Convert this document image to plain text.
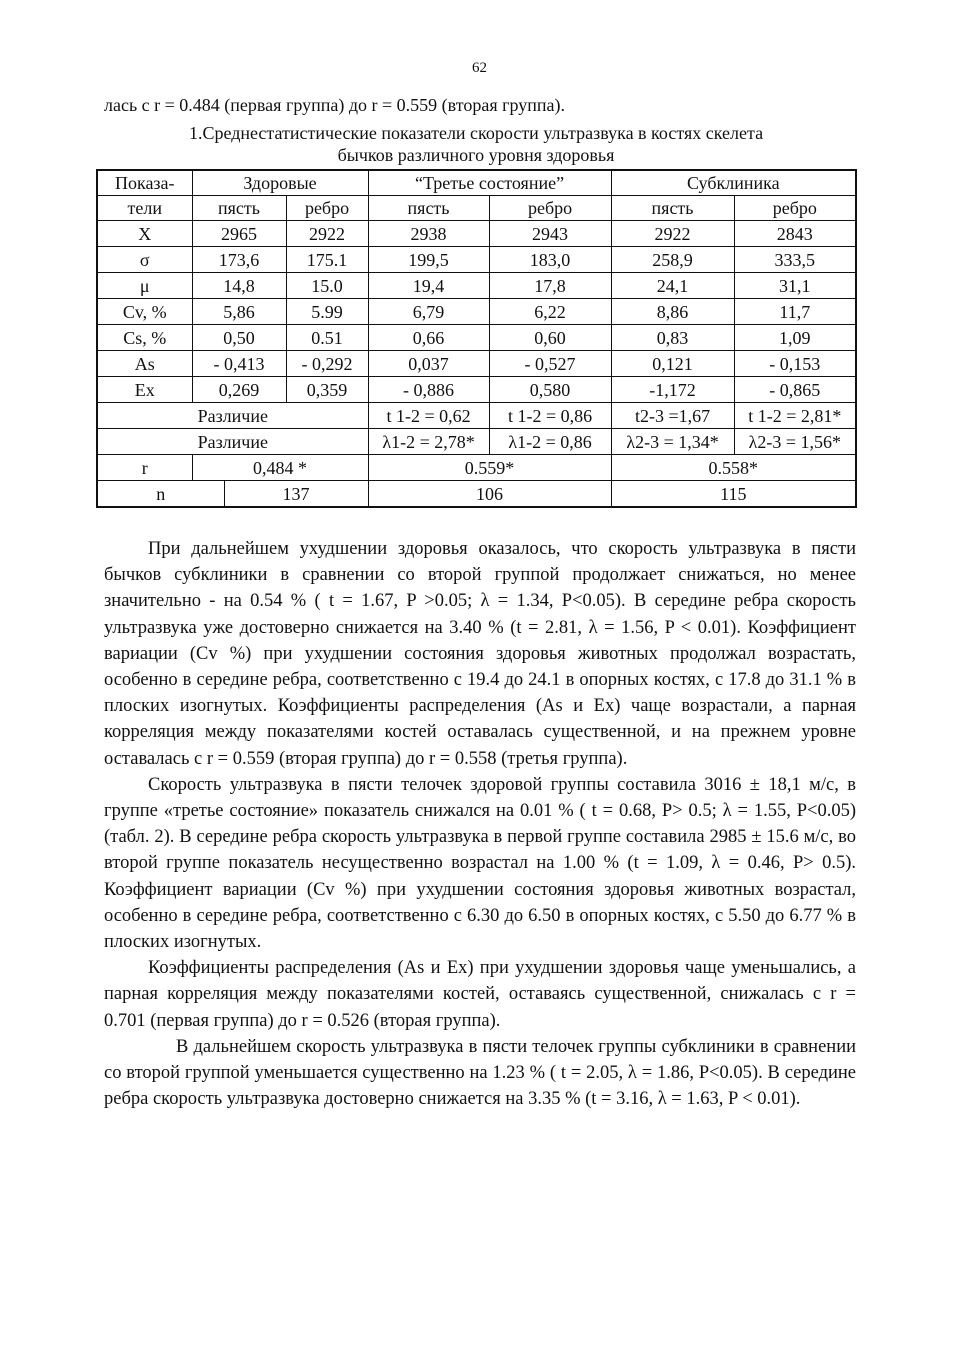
62
лась с r = 0.484 (первая группа) до r = 0.559 (вторая группа).
1.Среднестатистические показатели скорости ультразвука в костях скелета
бычков различного уровня здоровья
Показа-	Здоровые			“Третье состояние”		Субклиника	
тели	пясть		ребро	пясть	ребро	пясть	ребро
X	2965		2922	2938	2943	2922	2843
σ	173,6		175.1	199,5	183,0	258,9	333,5
μ	14,8		15.0	19,4	17,8	24,1	31,1
Cv, %	5,86		5.99	6,79	6,22	8,86	11,7
Cs, %	0,50		0.51	0,66	0,60	0,83	1,09
As	- 0,413		- 0,292	0,037	- 0,527	0,121	- 0,153
Ex	0,269		0,359	- 0,886	0,580	-1,172	- 0,865
Различие				t 1-2 = 0,62	t 1-2 = 0,86	t2-3 =1,67	t 1-2 = 2,81*
Различие				λ1-2 = 2,78*	λ1-2 = 0,86	λ2-3 = 1,34*	λ2-3 = 1,56*
r	0,484 *			0.559*		0.558*	
n		137		106		115	

При дальнейшем ухудшении здоровья оказалось, что скорость ультразвука в пясти бычков субклиники в сравнении со второй группой продолжает снижаться, но менее значительно - на 0.54 % ( t = 1.67, P >0.05; λ = 1.34, P<0.05). В середине ребра скорость ультразвука уже достоверно снижается на 3.40 % (t = 2.81, λ = 1.56, P < 0.01). Коэффициент вариации (Cv %) при ухудшении состояния здоровья животных продолжал возрастать, особенно в середине ребра, соответственно с 19.4 до 24.1 в опорных костях, с 17.8 до 31.1 % в плоских изогнутых. Коэффициенты распределения (As и Ex) чаще возрастали, а парная корреляция между показателями костей оставалась существенной, и на прежнем уровне оставалась с r = 0.559 (вторая группа) до r = 0.558 (третья группа).

Скорость ультразвука в пясти телочек здоровой группы составила 3016 ± 18,1 м/с, в группе «третье состояние» показатель снижался на 0.01 % ( t = 0.68, P> 0.5; λ = 1.55, P<0.05) (табл. 2). В середине ребра скорость ультразвука в первой группе составила 2985 ± 15.6 м/с, во второй группе показатель несущественно возрастал на 1.00 % (t = 1.09, λ = 0.46, P> 0.5). Коэффициент вариации (Cv %) при ухудшении состояния здоровья животных возрастал, особенно в середине ребра, соответственно с 6.30 до 6.50 в опорных костях, с 5.50 до 6.77 % в плоских изогнутых.

Коэффициенты распределения (As и Ex) при ухудшении здоровья чаще уменьшались, а парная корреляция между показателями костей, оставаясь существенной, снижалась с r = 0.701 (первая группа) до r = 0.526 (вторая группа).

В дальнейшем скорость ультразвука в пясти телочек группы субклиники в сравнении со второй группой уменьшается существенно на 1.23 % ( t = 2.05, λ = 1.86, P<0.05). В середине ребра скорость ультразвука достоверно снижается на 3.35 % (t = 3.16, λ = 1.63, P < 0.01).
